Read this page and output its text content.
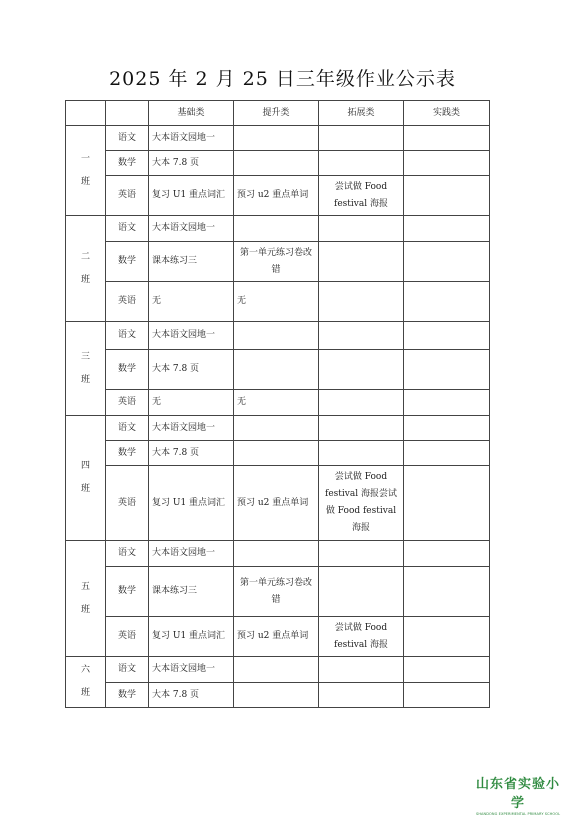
2025 年 2 月 25 日三年级作业公示表
		基础类	提升类	拓展类	实践类

一
班	语文	大本语文园地一			
	数学	大本 7.8 页			
	英语	复习 U1 重点词汇	预习 u2 重点单词	尝试做 Food festival 海报	

二
班	语文	大本语文园地一			
	数学	课本练习三	第一单元练习卷改错		
	英语	无	无		

三
班	语文	大本语文园地一			
	数学	大本 7.8 页			
	英语	无	无		

四
班	语文	大本语文园地一			
	数学	大本 7.8 页			
	英语	复习 U1 重点词汇	预习 u2 重点单词	尝试做 Food festival 海报尝试做 Food festival 海报	

五
班	语文	大本语文园地一			
	数学	课本练习三	第一单元练习卷改错		
	英语	复习 U1 重点词汇	预习 u2 重点单词	尝试做 Food festival 海报	

六
班	语文	大本语文园地一			
	数学	大本 7.8 页			
山东省实验小学
SHANDONG EXPERIMENTAL PRIMARY SCHOOL
